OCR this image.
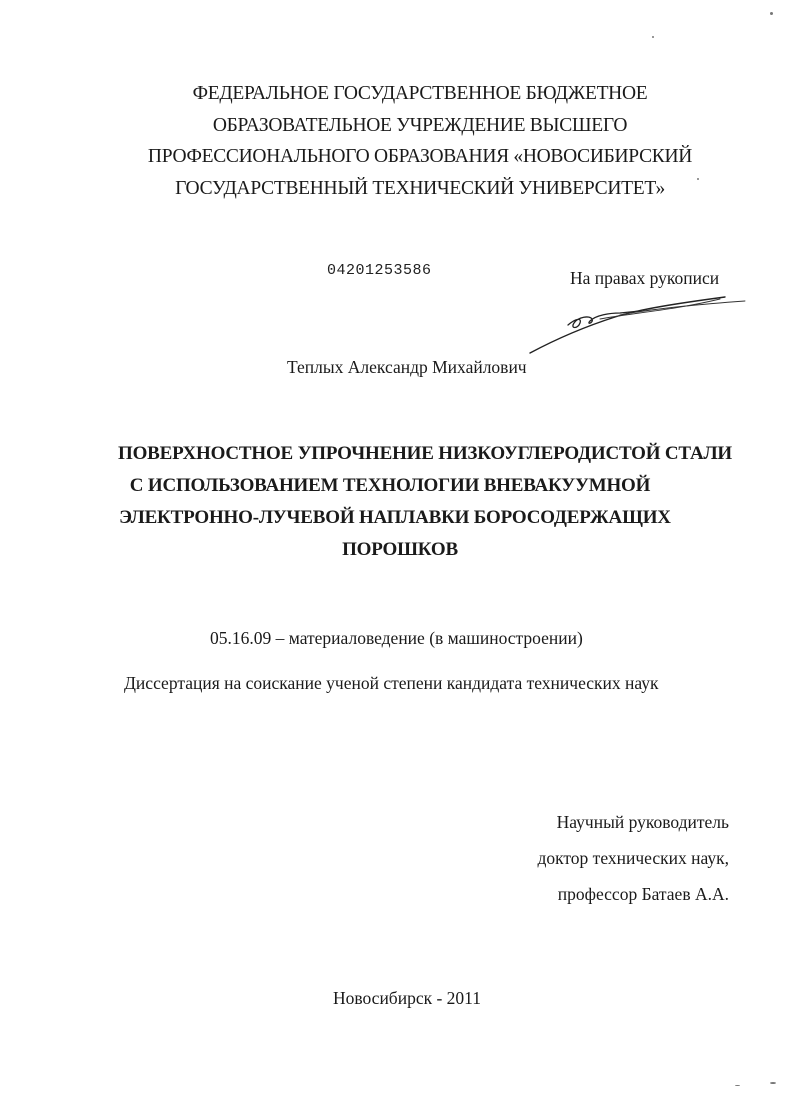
ФЕДЕРАЛЬНОЕ ГОСУДАРСТВЕННОЕ БЮДЖЕТНОЕ
ОБРАЗОВАТЕЛЬНОЕ УЧРЕЖДЕНИЕ ВЫСШЕГО
ПРОФЕССИОНАЛЬНОГО ОБРАЗОВАНИЯ «НОВОСИБИРСКИЙ
ГОСУДАРСТВЕННЫЙ ТЕХНИЧЕСКИЙ УНИВЕРСИТЕТ»
04201253586	На правах рукописи
Теплых Александр Михайлович
ПОВЕРХНОСТНОЕ УПРОЧНЕНИЕ НИЗКОУГЛЕРОДИСТОЙ СТАЛИ
С ИСПОЛЬЗОВАНИЕМ ТЕХНОЛОГИИ ВНЕВАКУУМНОЙ
ЭЛЕКТРОННО-ЛУЧЕВОЙ НАПЛАВКИ БОРОСОДЕРЖАЩИХ
ПОРОШКОВ
05.16.09 – материаловедение (в машиностроении)
Диссертация на соискание ученой степени кандидата технических наук
Научный руководитель
доктор технических наук,
профессор Батаев А.А.
Новосибирск - 2011
